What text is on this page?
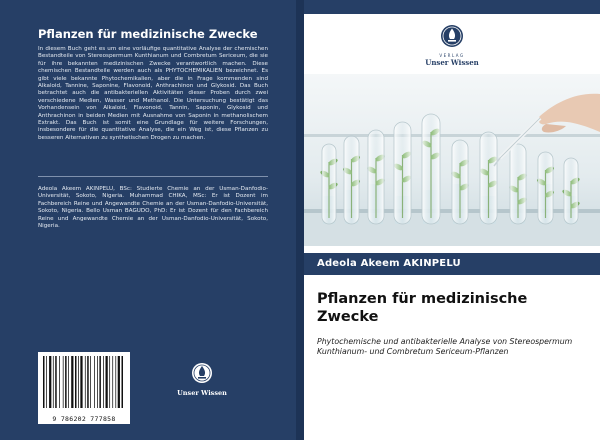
Pflanzen für medizinische Zwecke
In diesem Buch geht es um eine vorläufige quantitative Analyse der chemischen Bestandteile von Stereospermum Kunthianum und Combretum Sericeum, die sie für ihre bekannten medizinischen Zwecke verantwortlich machen. Diese chemischen Bestandteile werden auch als PHYTOCHEMIKALIEN bezeichnet. Es gibt viele bekannte Phytochemikalien, aber die in Frage kommenden sind Alkaloid, Tannine, Saponine, Flavonoid, Anthrachinon und Glykosid. Das Buch betrachtet auch die antibakteriellen Aktivitäten dieser Proben durch zwei verschiedene Medien, Wasser und Methanol. Die Untersuchung bestätigt das Vorhandensein von Alkaloid, Flavonoid, Tannin, Saponin, Glykosid und Anthrachinon in beiden Medien mit Ausnahme von Saponin in methanolischem Extrakt. Das Buch ist somit eine Grundlage für weitere Forschungen, insbesondere für die quantitative Analyse, die ein Weg ist, diese Pflanzen zu besseren Alternativen zu synthetischen Drogen zu machen.
Adeola Akeem AKINPELU, BSc: Studierte Chemie an der Usman-Danfodio-Universität, Sokoto, Nigeria. Muhammad CHIKA, MSc: Er ist Dozent im Fachbereich Reine und Angewandte Chemie an der Usman-Danfodio-Universität, Sokoto, Nigeria. Bello Usman BAGUDO, PhD: Er ist Dozent für den Fachbereich Reine und Angewandte Chemie an der Usman-Danfodio-Universität, Sokoto, Nigeria.
9 786202 777858
Unser Wissen
VERLAG
Unser Wissen
Adeola Akeem AKINPELU
Pflanzen für medizinische Zwecke
Phytochemische und antibakterielle Analyse von Stereospermum Kunthianum- und Combretum Sericeum-Pflanzen
